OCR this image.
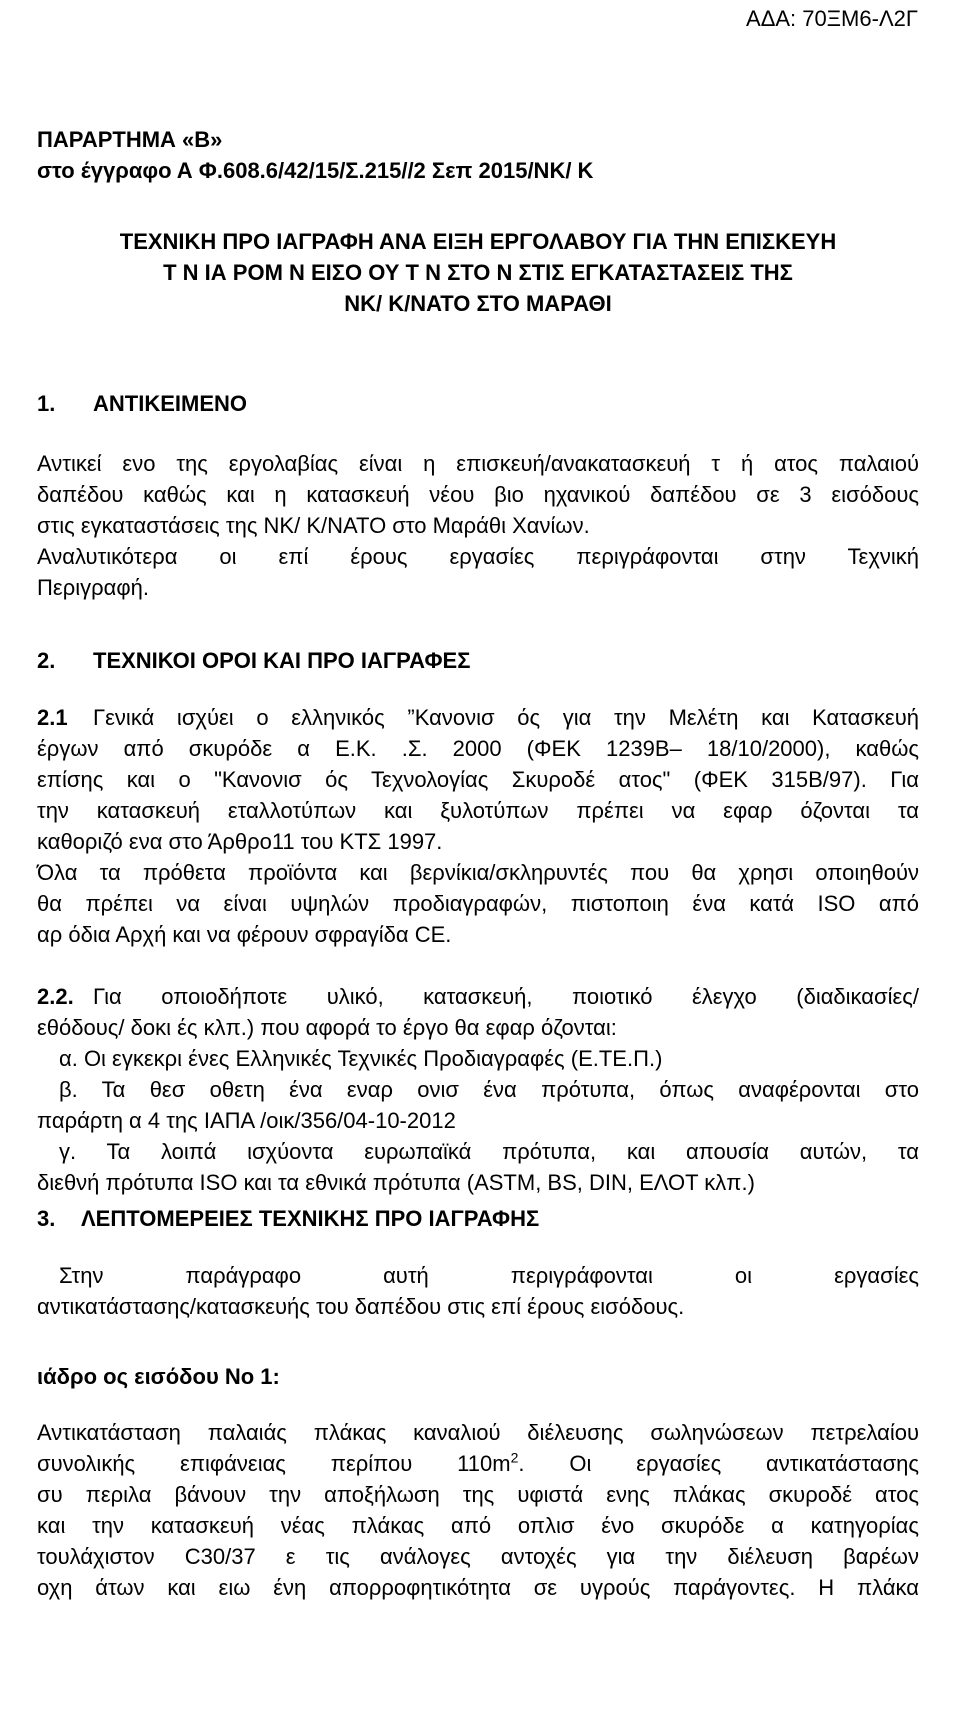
ΑΔΑ: 70ΞΜ6-Λ2Γ
ΠΑΡΑΡΤΗΜΑ «Β»
στο έγγραφο Α Φ.608.6/42/15/Σ.215//2 Σεπ 2015/ΝΚ/ Κ
ΤΕΧΝΙΚΗ ΠΡΟ ΙΑΓΡΑΦΗ ΑΝΑ ΕΙΞΗ ΕΡΓΟΛΑΒΟΥ ΓΙΑ ΤΗΝ ΕΠΙΣΚΕΥΗ
Τ Ν ΙΑ ΡΟΜ Ν ΕΙΣΟ ΟΥ Τ Ν ΣΤΟ Ν ΣΤΙΣ ΕΓΚΑΤΑΣΤΑΣΕΙΣ ΤΗΣ
ΝΚ/ Κ/ΝΑΤΟ ΣΤΟ ΜΑΡΑΘΙ
1. ΑΝΤΙΚΕΙΜΕΝΟ
Αντικεί ενο της εργολαβίας είναι η επισκευή/ανακατασκευή τ ή ατος παλαιού
δαπέδου καθώς και η κατασκευή νέου βιο ηχανικού δαπέδου σε 3 εισόδους
στις εγκαταστάσεις της ΝΚ/ Κ/ΝΑΤΟ στο Μαράθι Χανίων.
Αναλυτικότερα οι επί έρους εργασίες περιγράφονται στην Τεχνική
Περιγραφή.
2. ΤΕΧΝΙΚΟΙ ΟΡΟΙ ΚΑΙ ΠΡΟ ΙΑΓΡΑΦΕΣ
2.1 Γενικά ισχύει ο ελληνικός ”Κανονισ ός για την Μελέτη και Κατασκευή
έργων από σκυρόδε α Ε.Κ. .Σ. 2000 (ΦΕΚ 1239Β– 18/10/2000), καθώς
επίσης και ο "Κανονισ ός Τεχνολογίας Σκυροδέ ατος" (ΦΕΚ 315Β/97). Για
την κατασκευή εταλλοτύπων και ξυλοτύπων πρέπει να εφαρ όζονται τα
καθοριζό ενα στο Άρθρο11 του ΚΤΣ 1997.
Όλα τα πρόθετα προϊόντα και βερνίκια/σκληρυντές που θα χρησι οποιηθούν
θα πρέπει να είναι υψηλών προδιαγραφών, πιστοποιη ένα κατά ISO από
αρ όδια Αρχή και να φέρουν σφραγίδα CE.
2.2. Για οποιοδήποτε υλικό, κατασκευή, ποιοτικό έλεγχο (διαδικασίες/
εθόδους/ δοκι ές κλπ.) που αφορά το έργο θα εφαρ όζονται:
α. Οι εγκεκρι ένες Ελληνικές Τεχνικές Προδιαγραφές (Ε.ΤΕ.Π.)
β. Τα θεσ οθετη ένα εναρ ονισ ένα πρότυπα, όπως αναφέρονται στο
παράρτη α 4 της ΙΑΠΑ /οικ/356/04-10-2012
γ. Τα λοιπά ισχύοντα ευρωπαϊκά πρότυπα, και απουσία αυτών, τα
διεθνή πρότυπα ISO και τα εθνικά πρότυπα (ASTM, BS, DIN, ΕΛΟΤ κλπ.)
3. ΛΕΠΤΟΜΕΡΕΙΕΣ ΤΕΧΝΙΚΗΣ ΠΡΟ ΙΑΓΡΑΦΗΣ
Στην παράγραφο αυτή περιγράφονται οι εργασίες
αντικατάστασης/κατασκευής του δαπέδου στις επί έρους εισόδους.
ιάδρο ος εισόδου Νο 1:
Αντικατάσταση παλαιάς πλάκας καναλιού διέλευσης σωληνώσεων πετρελαίου
συνολικής επιφάνειας περίπου $110m^2$. Οι εργασίες αντικατάστασης
συ περιλα βάνουν την αποξήλωση της υφιστά ενης πλάκας σκυροδέ ατος
και την κατασκευή νέας πλάκας από οπλισ ένο σκυρόδε α κατηγορίας
τουλάχιστον C30/37 ε τις ανάλογες αντοχές για την διέλευση βαρέων
οχη άτων και ειω ένη απορροφητικότητα σε υγρούς παράγοντες. Η πλάκα
